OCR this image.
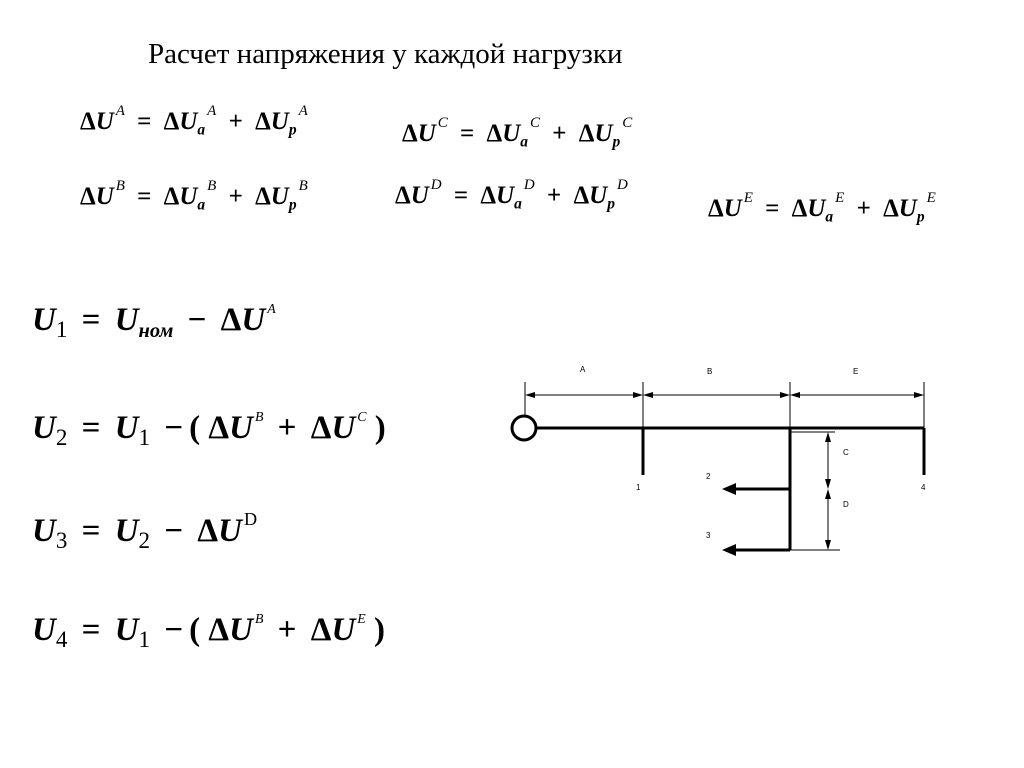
Расчет напряжения у каждой нагрузки
ΔU $^A = \Delta U_a^A + \Delta U_p^A$
ΔU $^C = \Delta U_a^C + \Delta U_p^C$
ΔU $^B = \Delta U_a^B + \Delta U_p^B$	ΔU $^D = \Delta U_a^D + \Delta U_p^D$
ΔU $^E = \Delta U_a^E + \Delta U_p^E$
$U_1 = U_{ном} - \Delta U$ $^A$
$U_2 = U_1$ − ( ΔU $^B$ + ΔU $^C$ )
$U_3 = U_2 - \Delta U$ $^D$
$U_4 = U_1$ − ( ΔU $^B$ + ΔU $^E$ )
A	B	E
C
D
1
2
3
4
